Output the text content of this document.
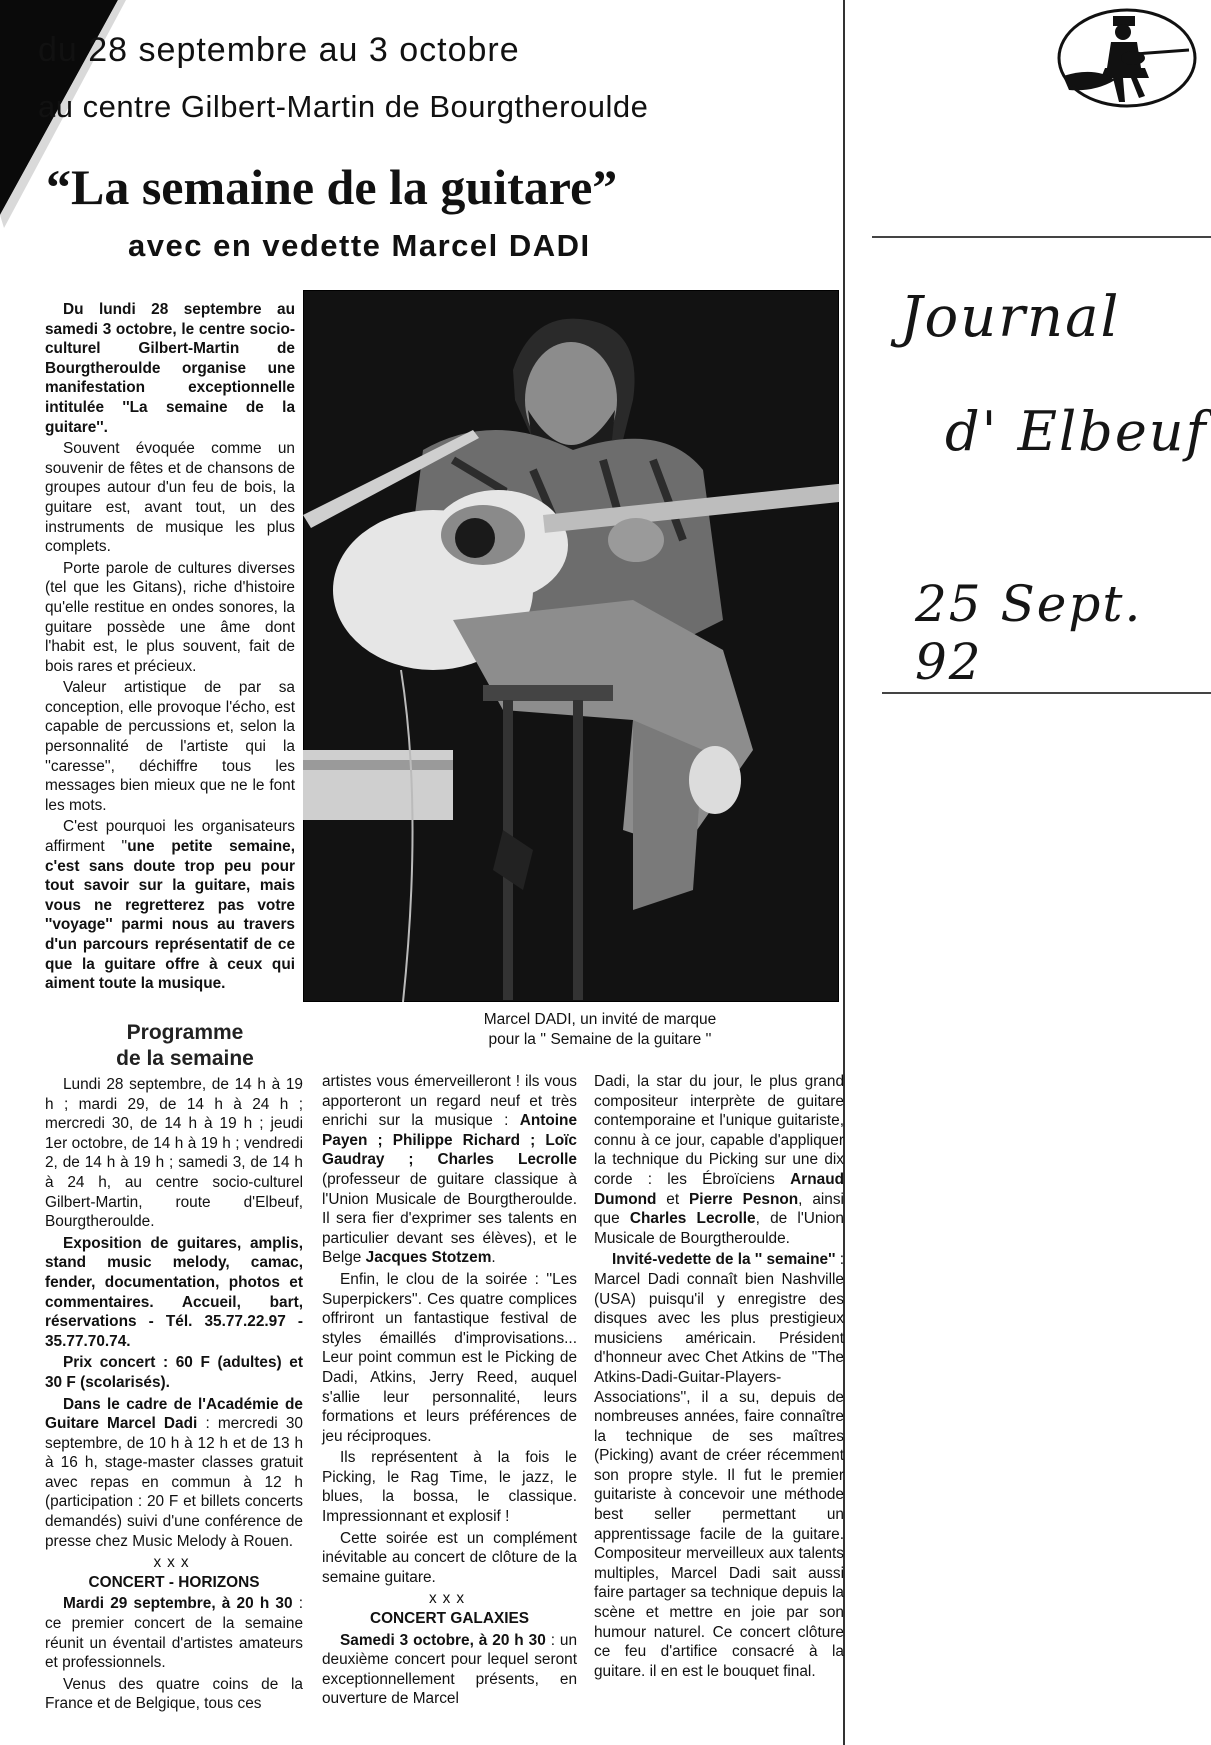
Journal
d' Elbeuf
25 Sept. 92
du 28 septembre au 3 octobre
au centre Gilbert-Martin de Bourgtheroulde
“La semaine de la guitare”
avec en vedette Marcel DADI

Du lundi 28 septembre au samedi 3 octobre, le centre socio-culturel Gilbert-Martin de Bourgtheroulde organise une manifestation exceptionnelle intitulée ''La semaine de la guitare''.

Souvent évoquée comme un souvenir de fêtes et de chansons de groupes autour d'un feu de bois, la guitare est, avant tout, un des instruments de musique les plus complets.

Porte parole de cultures diverses (tel que les Gitans), riche d'histoire qu'elle restitue en ondes sonores, la guitare possède une âme dont l'habit est, le plus souvent, fait de bois rares et précieux.

Valeur artistique de par sa conception, elle provoque l'écho, est capable de percussions et, selon la personnalité de l'artiste qui la ''caresse'', déchiffre tous les messages bien mieux que ne le font les mots.

C'est pourquoi les organisateurs affirment ''une petite semaine, c'est sans doute trop peu pour tout savoir sur la guitare, mais vous ne regretterez pas votre ''voyage'' parmi nous au travers d'un parcours représentatif de ce que la guitare offre à ceux qui aiment toute la musique.

Marcel DADI, un invité de marque
pour la '' Semaine de la guitare ''
Programme
de la semaine

Lundi 28 septembre, de 14 h à 19 h ; mardi 29, de 14 h à 24 h ; mercredi 30, de 14 h à 19 h ; jeudi 1er octobre, de 14 h à 19 h ; vendredi 2, de 14 h à 19 h ; samedi 3, de 14 h à 24 h, au centre socio-culturel Gilbert-Martin, route d'Elbeuf, Bourgtheroulde.

Exposition de guitares, amplis, stand music melody, camac, fender, documentation, photos et commentaires. Accueil, bart, réservations - Tél. 35.77.22.97 - 35.77.70.74.

Prix concert : 60 F (adultes) et 30 F (scolarisés).

Dans le cadre de l'Académie de Guitare Marcel Dadi : mercredi 30 septembre, de 10 h à 12 h et de 13 h à 16 h, stage-master classes gratuit avec repas en commun à 12 h (participation : 20 F et billets concerts demandés) suivi d'une conférence de presse chez Music Melody à Rouen.

xxx
CONCERT - HORIZONS

Mardi 29 septembre, à 20 h 30 : ce premier concert de la semaine réunit un éventail d'artistes amateurs et professionnels.

Venus des quatre coins de la France et de Belgique, tous ces

artistes vous émerveilleront ! ils vous apporteront un regard neuf et très enrichi sur la musique : Antoine Payen ; Philippe Richard ; Loïc Gaudray ; Charles Lecrolle (professeur de guitare classique à l'Union Musicale de Bourgtheroulde. Il sera fier d'exprimer ses talents en particulier devant ses élèves), et le Belge Jacques Stotzem.

Enfin, le clou de la soirée : ''Les Superpickers''. Ces quatre complices offriront un fantastique festival de styles émaillés d'improvisations... Leur point commun est le Picking de Dadi, Atkins, Jerry Reed, auquel s'allie leur personnalité, leurs formations et leurs préférences de jeu réciproques.

Ils représentent à la fois le Picking, le Rag Time, le jazz, le blues, la bossa, le classique. Impressionnant et explosif !

Cette soirée est un complément inévitable au concert de clôture de la semaine guitare.

xxx
CONCERT GALAXIES

Samedi 3 octobre, à 20 h 30 : un deuxième concert pour lequel seront exceptionnellement présents, en ouverture de Marcel

Dadi, la star du jour, le plus grand compositeur interprète de guitare contemporaine et l'unique guitariste, connu à ce jour, capable d'appliquer la technique du Picking sur une dix corde : les Ébroïciens Arnaud Dumond et Pierre Pesnon, ainsi que Charles Lecrolle, de l'Union Musicale de Bourgtheroulde.

Invité-vedette de la '' semaine'' : Marcel Dadi connaît bien Nashville (USA) puisqu'il y enregistre des disques avec les plus prestigieux musiciens américain. Président d'honneur avec Chet Atkins de ''The Atkins-Dadi-Guitar-Players-Associations'', il a su, depuis de nombreuses années, faire connaître la technique de ses maîtres (Picking) avant de créer récemment son propre style. Il fut le premier guitariste à concevoir une méthode best seller permettant un apprentissage facile de la guitare. Compositeur merveilleux aux talents multiples, Marcel Dadi sait aussi faire partager sa technique depuis la scène et mettre en joie par son humour naturel. Ce concert clôture ce feu d'artifice consacré à la guitare. il en est le bouquet final.
